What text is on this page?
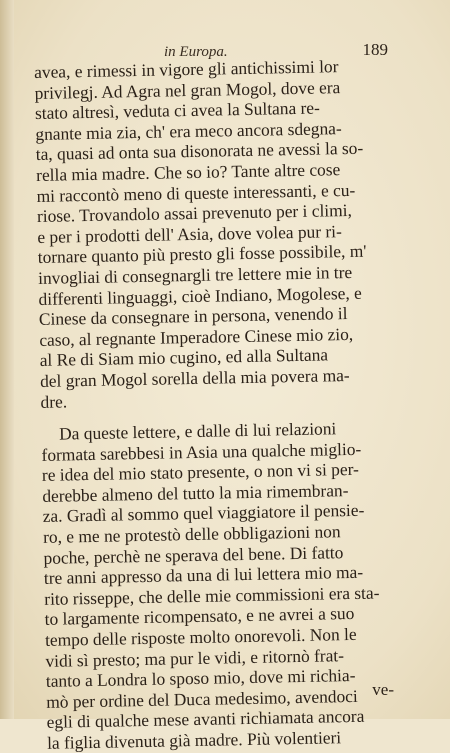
in Europa.	189
avea, e rimessi in vigore gli antichissimi lor
privilegj. Ad Agra nel gran Mogol, dove era
stato altresì, veduta ci avea la Sultana re-
gnante mia zia, ch' era meco ancora sdegna-
ta, quasi ad onta sua disonorata ne avessi la so-
rella mia madre. Che so io? Tante altre cose
mi raccontò meno di queste interessanti, e cu-
riose. Trovandolo assai prevenuto per i climi,
e per i prodotti dell' Asia, dove volea pur ri-
tornare quanto più presto gli fosse possibile, m'
invogliai di consegnargli tre lettere mie in tre
differenti linguaggi, cioè Indiano, Mogolese, e
Cinese da consegnare in persona, venendo il
caso, al regnante Imperadore Cinese mio zio,
al Re di Siam mio cugino, ed alla Sultana
del gran Mogol sorella della mia povera ma-
dre.
Da queste lettere, e dalle di lui relazioni
formata sarebbesi in Asia una qualche miglio-
re idea del mio stato presente, o non vi si per-
derebbe almeno del tutto la mia rimembran-
za. Gradì al sommo quel viaggiatore il pensie-
ro, e me ne protestò delle obbligazioni non
poche, perchè ne sperava del bene. Di fatto
tre anni appresso da una di lui lettera mio ma-
rito risseppe, che delle mie commissioni era sta-
to largamente ricompensato, e ne avrei a suo
tempo delle risposte molto onorevoli. Non le
vidi sì presto; ma pur le vidi, e ritornò frat-
tanto a Londra lo sposo mio, dove mi richia-
mò per ordine del Duca medesimo, avendoci
egli di qualche mese avanti richiamata ancora
la figlia divenuta già madre. Più volentieri
ve-
